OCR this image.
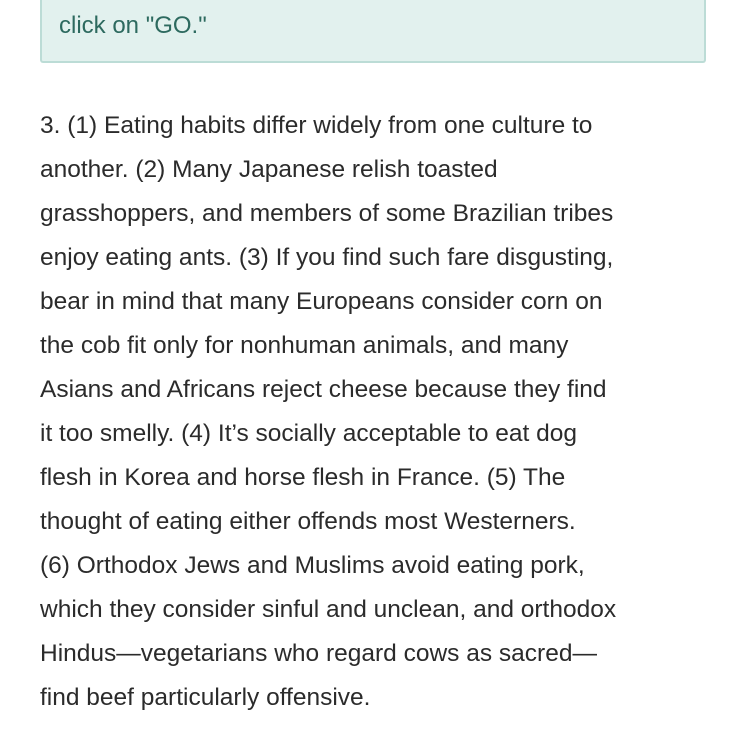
click on "GO."
3. (1) Eating habits differ widely from one culture to
another. (2) Many Japanese relish toasted
grasshoppers, and members of some Brazilian tribes
enjoy eating ants. (3) If you find such fare disgusting,
bear in mind that many Europeans consider corn on
the cob fit only for nonhuman animals, and many
Asians and Africans reject cheese because they find
it too smelly. (4) It’s socially acceptable to eat dog
flesh in Korea and horse flesh in France. (5) The
thought of eating either offends most Westerners.
(6) Orthodox Jews and Muslims avoid eating pork,
which they consider sinful and unclean, and orthodox
Hindus—vegetarians who regard cows as sacred—
find beef particularly offensive.
